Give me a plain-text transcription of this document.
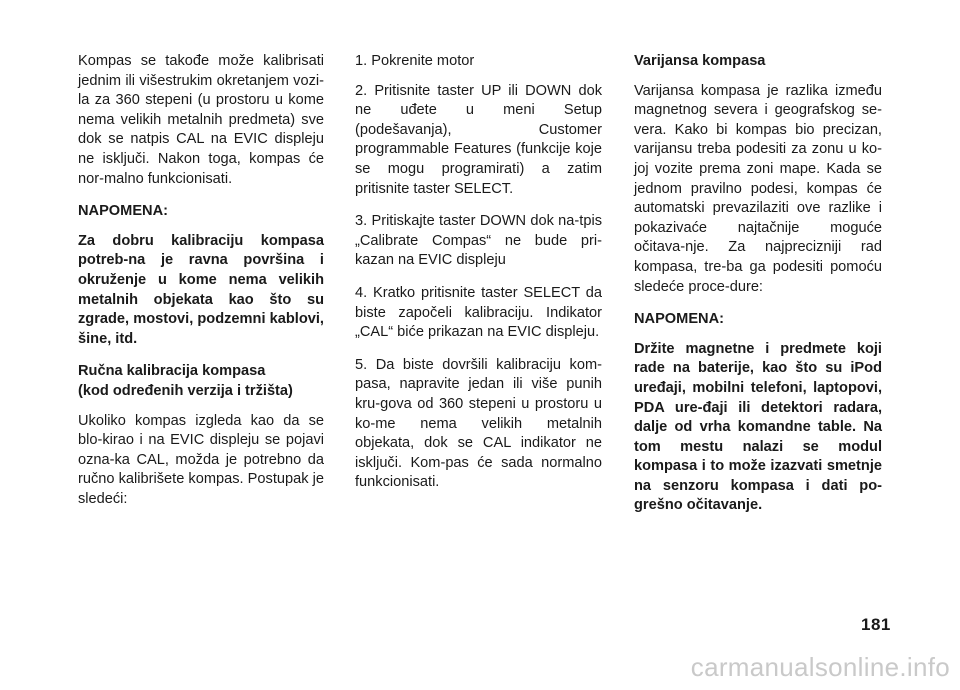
Kompas se takođe može kalibrisati jednim ili višestrukim okretanjem vozi-la za 360 stepeni (u prostoru u kome nema velikih metalnih predmeta) sve dok se natpis CAL na EVIC displeju ne isključi. Nakon toga, kompas će nor-malno funkcionisati.

NAPOMENA:

Za dobru kalibraciju kompasa potreb-na je ravna površina i okruženje u kome nema velikih metalnih objekata kao što su zgrade, mostovi, podzemni kablovi, šine, itd.

Ručna kalibracija kompasa

(kod određenih verzija i tržišta)

Ukoliko kompas izgleda kao da se blo-kirao i na EVIC displeju se pojavi ozna-ka CAL, možda je potrebno da ručno kalibrišete kompas. Postupak je sledeći:

1. Pokrenite motor

2. Pritisnite taster UP ili DOWN dok ne uđete u meni Setup (podešavanja), Customer programmable Features (funkcije koje se mogu programirati) a zatim pritisnite taster SELECT.

3. Pritiskajte taster DOWN dok na-tpis „Calibrate Compas“ ne bude pri-kazan na EVIC displeju

4. Kratko pritisnite taster SELECT da biste započeli kalibraciju. Indikator „CAL“ biće prikazan na EVIC displeju.

5. Da biste dovršili kalibraciju kom-pasa, napravite jedan ili više punih kru-gova od 360 stepeni u prostoru u ko-me nema velikih metalnih objekata, dok se CAL indikator ne isključi. Kom-pas će sada normalno funkcionisati.

Varijansa kompasa

Varijansa kompasa je razlika između magnetnog severa i geografskog se-vera. Kako bi kompas bio precizan, varijansu treba podesiti za zonu u ko-joj vozite prema zoni mape. Kada se jednom pravilno podesi, kompas će automatski prevazilaziti ove razlike i pokazivaće najtačnije moguće očitava-nje. Za najprecizniji rad kompasa, tre-ba ga podesiti pomoću sledeće proce-dure:

NAPOMENA:

Držite magnetne i predmete koji rade na baterije, kao što su iPod uređaji, mobilni telefoni, laptopovi, PDA ure-đaji ili detektori radara, dalje od vrha komandne table. Na tom mestu nalazi se modul kompasa i to može izazvati smetnje na senzoru kompasa i dati po-grešno očitavanje.

181
carmanualsonline.info
